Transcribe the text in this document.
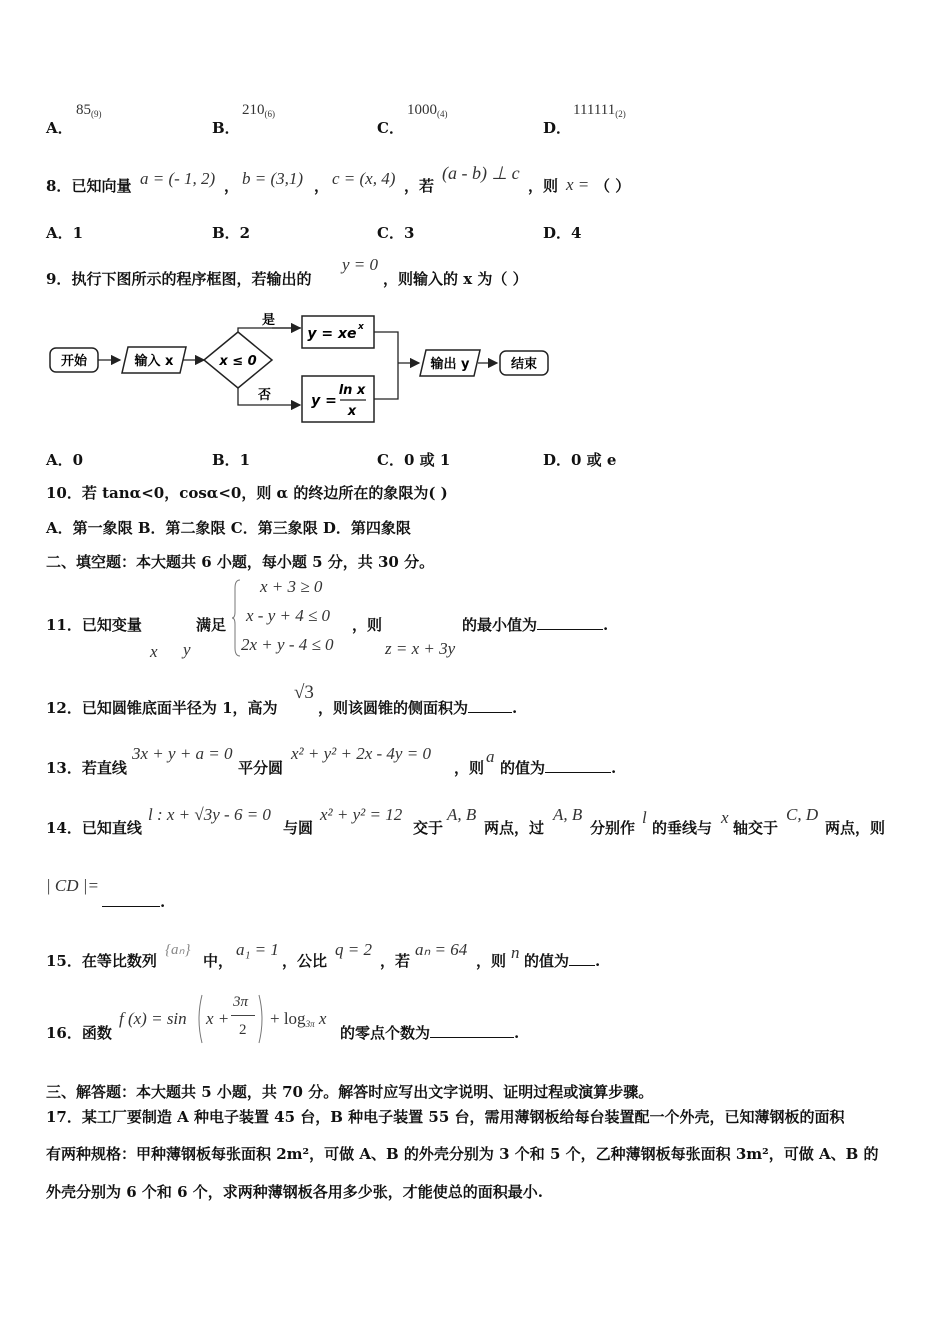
A．
$85_{(9)}$
B．
$210_{(6)}$
C．
$1000_{(4)}$
D．
$111111_{(2)}$
8．已知向量 a = (- 1, 2) ， b = (3,1) ， c = (x, 4) ，若
(a - b) ⊥ c
，则 x = （ ）
A．1	B．2	C．3	D．4
9．执行下图所示的程序框图，若输出的
y = 0
，则输入的 x 为（ ）
开始	输入 x	x ≤ 0
是
否
y = xe x
y =
ln x
x
输出 y	结束
A．0	B．1	C．0 或 1	D．0 或 e
10．若 tanα<0，cosα<0，则 α 的终边所在的象限为( )
A．第一象限 B．第二象限 C．第三象限 D．第四象限
二、填空题：本大题共 6 小题，每小题 5 分，共 30 分。
11．已知变量
x y
满足
x + 3 ≥ 0
x - y + 4 ≤ 0
2x + y - 4 ≤ 0
，则
z = x + 3y
的最小值为	.
12．已知圆锥底面半径为 1，高为
√3
，则该圆锥的侧面积为	.
13．若直线
3x + y + a = 0
平分圆
x² + y² + 2x - 4y = 0
，则
a
的值为	.
14．已知直线
l : x + √3y - 6 = 0
与圆
x² + y² = 12
交于
A, B
两点，过
A, B
分别作
l
的垂线与
x
轴交于
C, D
两点，则
| CD |=
.
15．在等比数列
{aₙ}
中，
a₁ = 1
，公比
q = 2
，若
aₙ = 64
，则 n 的值为 .
16．函数
f (x) = sin x +
3π
2
+ $\log_{3\pi} x$
的零点个数为	.
三、解答题：本大题共 5 小题，共 70 分。解答时应写出文字说明、证明过程或演算步骤。
17．某工厂要制造 A 种电子装置 45 台，B 种电子装置 55 台，需用薄钢板给每台装置配一个外壳，已知薄钢板的面积
有两种规格：甲种薄钢板每张面积 2m²，可做 A、B 的外壳分别为 3 个和 5 个，乙种薄钢板每张面积 3m²，可做 A、B 的
外壳分别为 6 个和 6 个，求两种薄钢板各用多少张，才能使总的面积最小.
